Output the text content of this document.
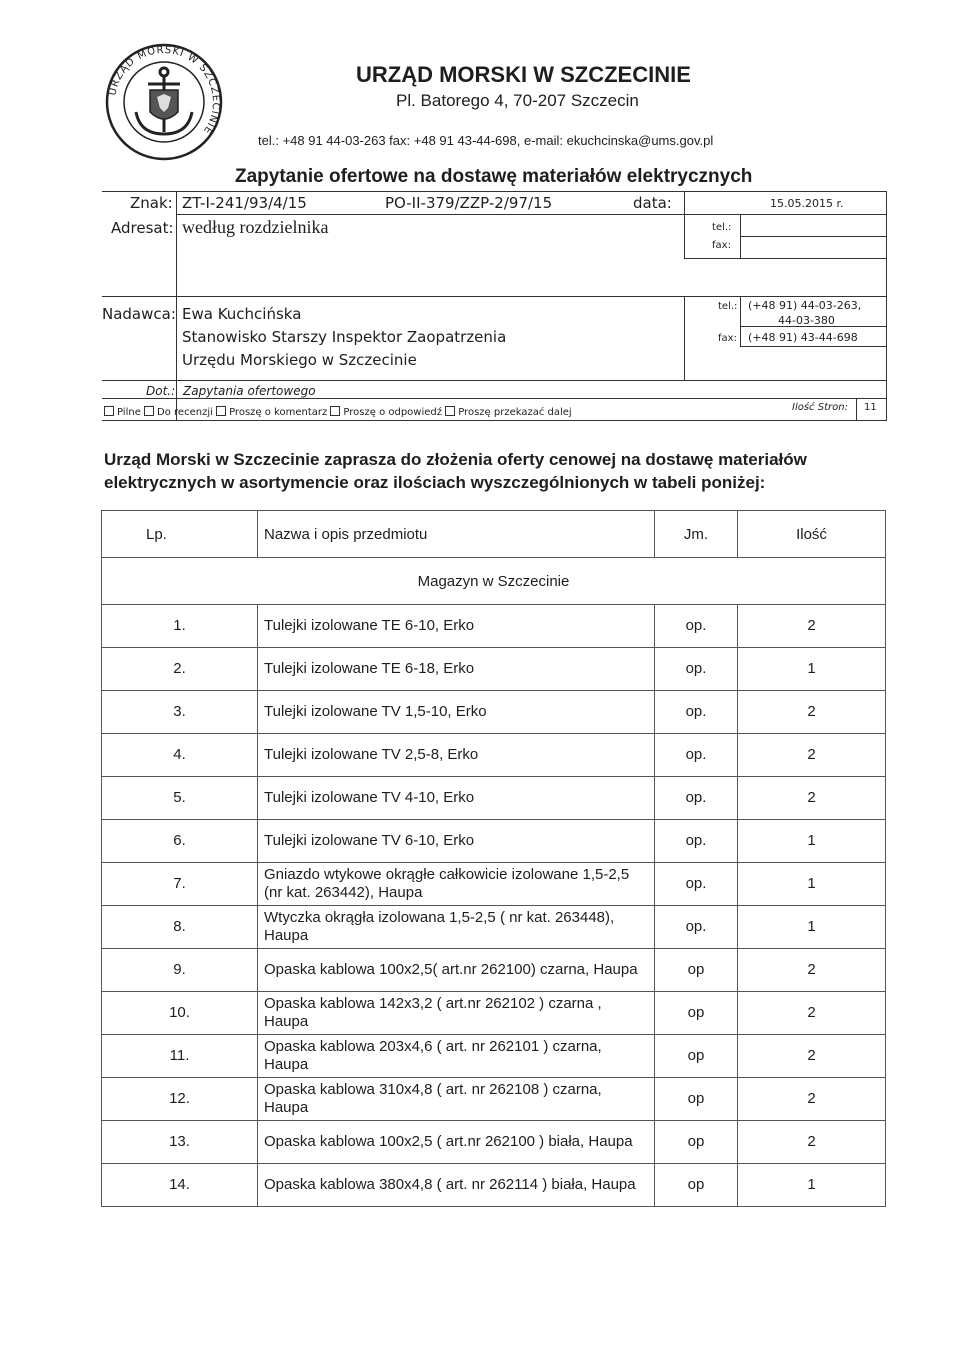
URZĄD MORSKI W SZCZECINIE
URZĄD MORSKI W SZCZECINIE
Pl. Batorego 4, 70-207 Szczecin
tel.: +48 91 44-03-263 fax: +48 91 43-44-698, e-mail: ekuchcinska@ums.gov.pl
Zapytanie ofertowe na dostawę materiałów elektrycznych
Znak: ZT-I-241/93/4/15	PO-II-379/ZZP-2/97/15	data:	15.05.2015 r.
Adresat: według rozdzielnika	tel.:
fax:
Nadawca: Ewa Kuchcińska
Stanowisko Starszy Inspektor Zaopatrzenia
Urzędu Morskiego w Szczecinie
tel.: (+48 91) 44-03-263,
44-03-380
fax: (+48 91) 43-44-698
Dot.: Zapytania ofertowego
Ilość Stron: 11
Pilne Do recenzji Proszę o komentarz Proszę o odpowiedź Proszę przekazać dalej
Urząd Morski w Szczecinie zaprasza do złożenia oferty cenowej na dostawę materiałów elektrycznych w asortymencie oraz ilościach wyszczególnionych w tabeli poniżej:
Lp.	Nazwa i opis przedmiotu	Jm.	Ilość
Magazyn w Szczecinie			
1.	Tulejki izolowane TE 6-10, Erko	op.	2
2.	Tulejki izolowane TE 6-18, Erko	op.	1
3.	Tulejki izolowane TV 1,5-10, Erko	op.	2
4.	Tulejki izolowane TV 2,5-8, Erko	op.	2
5.	Tulejki izolowane TV 4-10, Erko	op.	2
6.	Tulejki izolowane TV 6-10, Erko	op.	1
7.	Gniazdo wtykowe okrągłe całkowicie izolowane 1,5-2,5 (nr kat. 263442), Haupa	op.	1
8.	Wtyczka okrągła izolowana 1,5-2,5 ( nr kat. 263448), Haupa	op.	1
9.	Opaska kablowa 100x2,5( art.nr 262100) czarna, Haupa	op	2
10.	Opaska kablowa 142x3,2 ( art.nr 262102 ) czarna , Haupa	op	2
11.	Opaska kablowa 203x4,6 ( art. nr 262101 ) czarna, Haupa	op	2
12.	Opaska kablowa 310x4,8 ( art. nr 262108 ) czarna, Haupa	op	2
13.	Opaska kablowa 100x2,5 ( art.nr 262100 ) biała, Haupa	op	2
14.	Opaska kablowa 380x4,8 ( art. nr 262114 ) biała, Haupa	op	1
